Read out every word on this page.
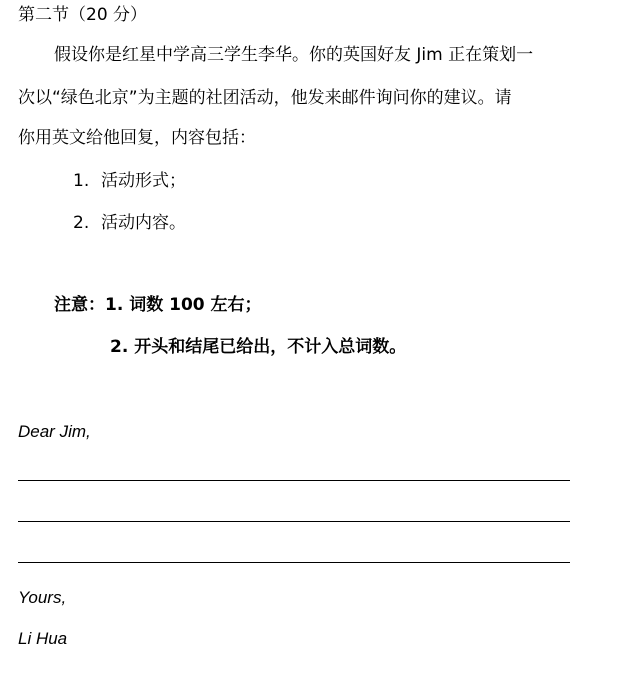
第二节（20 分）
假设你是红星中学高三学生李华。你的英国好友 Jim 正在策划一
次以“绿色北京”为主题的社团活动，他发来邮件询问你的建议。请
你用英文给他回复，内容包括：
1. 活动形式；
2. 活动内容。
注意：1. 词数 100 左右；
2. 开头和结尾已给出，不计入总词数。
Dear Jim,
Yours,
Li Hua
